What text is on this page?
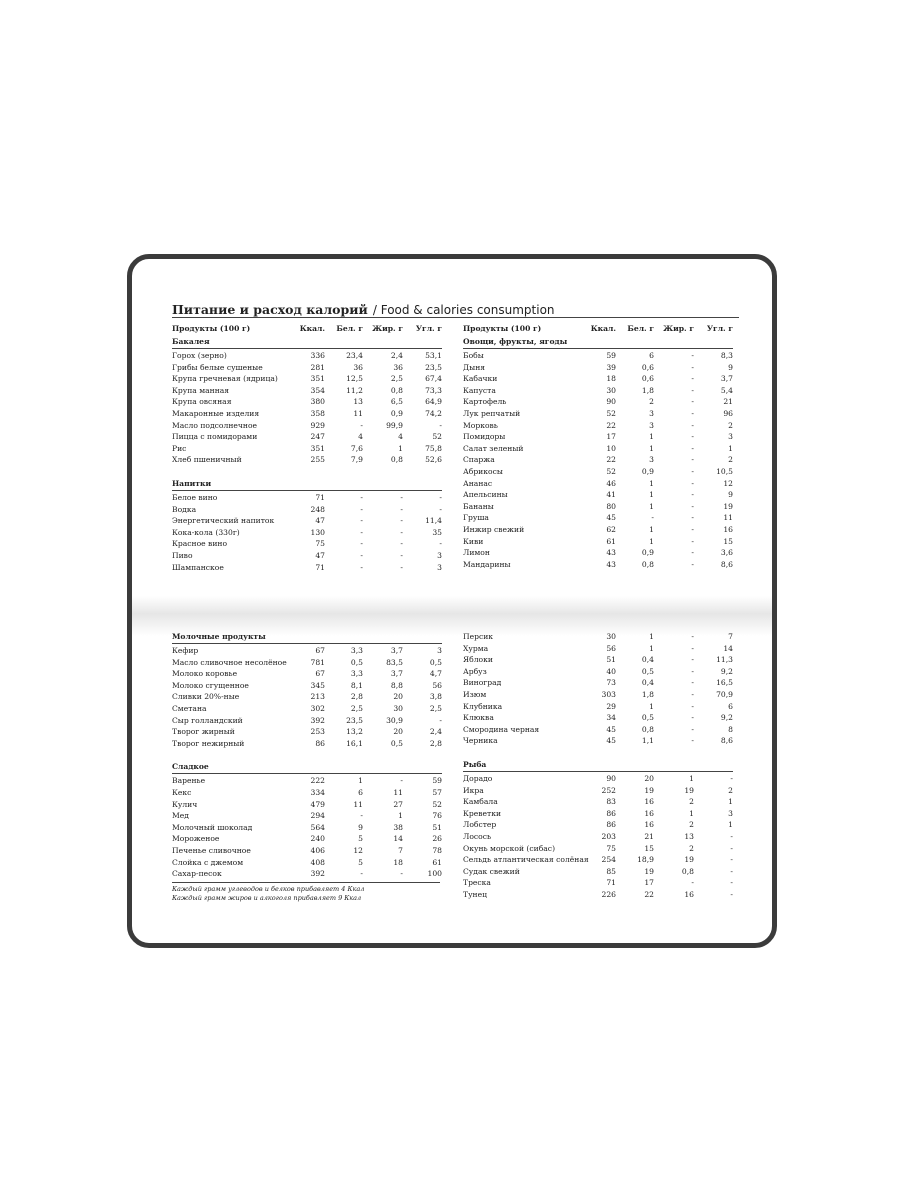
Питание и расход калорий / Food & calories consumption
Продукты (100 г)	Ккал. Бел. г Жир. г Угл. г
Бакалея
Горох (зерно)	336	23,4	2,4	53,1
Грибы белые сушеные	281	36	36	23,5
Крупа гречневая (ядрица)	351	12,5	2,5	67,4
Крупа манная	354	11,2	0,8	73,3
Крупа овсяная	380	13	6,5	64,9
Макаронные изделия	358	11	0,9	74,2
Масло подсолнечное	929	-	99,9	-
Пицца с помидорами	247	4	4	52
Рис	351	7,6	1	75,8
Хлеб пшеничный	255	7,9	0,8	52,6
Напитки
Белое вино	71	-	-	-
Водка	248	-	-	-
Энергетический напиток	47	-	-	11,4
Кока-кола (330г)	130	-	-	35
Красное вино	75	-	-	-
Пиво	47	-	-	3
Шампанское	71	-	-	3
Продукты (100 г)	Ккал. Бел. г Жир. г Угл. г
Овощи, фрукты, ягоды
Бобы	59	6	-	8,3
Дыня	39	0,6	-	9
Кабачки	18	0,6	-	3,7
Капуста	30	1,8	-	5,4
Картофель	90	2	-	21
Лук репчатый	52	3	-	96
Морковь	22	3	-	2
Помидоры	17	1	-	3
Салат зеленый	10	1	-	1
Спаржа	22	3	-	2
Абрикосы	52	0,9	-	10,5
Ананас	46	1	-	12
Апельсины	41	1	-	9
Бананы	80	1	-	19
Груша	45	-	-	11
Инжир свежий	62	1	-	16
Киви	61	1	-	15
Лимон	43	0,9	-	3,6
Мандарины	43	0,8	-	8,6
Молочные продукты
Кефир	67	3,3	3,7	3
Масло сливочное несолёное	781	0,5	83,5	0,5
Молоко коровье	67	3,3	3,7	4,7
Молоко сгущенное	345	8,1	8,8	56
Сливки 20%-ные	213	2,8	20	3,8
Сметана	302	2,5	30	2,5
Сыр голландский	392	23,5	30,9	-
Творог жирный	253	13,2	20	2,4
Творог нежирный	86	16,1	0,5	2,8
Сладкое
Варенье	222	1	-	59
Кекс	334	6	11	57
Кулич	479	11	27	52
Мед	294	-	1	76
Молочный шоколад	564	9	38	51
Мороженое	240	5	14	26
Печенье сливочное	406	12	7	78
Слойка с джемом	408	5	18	61
Сахар-песок	392	-	-	100
Каждый грамм углеводов и белков прибавляет 4 Ккал
Каждый грамм жиров и алкоголя прибавляет 9 Ккал
Персик	30	1	-	7
Хурма	56	1	-	14
Яблоки	51	0,4	-	11,3
Арбуз	40	0,5	-	9,2
Виноград	73	0,4	-	16,5
Изюм	303	1,8	-	70,9
Клубника	29	1	-	6
Клюква	34	0,5	-	9,2
Смородина черная	45	0,8	-	8
Черника	45	1,1	-	8,6
Рыба
Дорадо	90	20	1	-
Икра	252	19	19	2
Камбала	83	16	2	1
Креветки	86	16	1	3
Лобстер	86	16	2	1
Лосось	203	21	13	-
Окунь морской (сибас)	75	15	2	-
Сельдь атлантическая солёная 254	18,9	19	-
Судак свежий	85	19	0,8	-
Треска	71	17	-	-
Тунец	226	22	16	-
